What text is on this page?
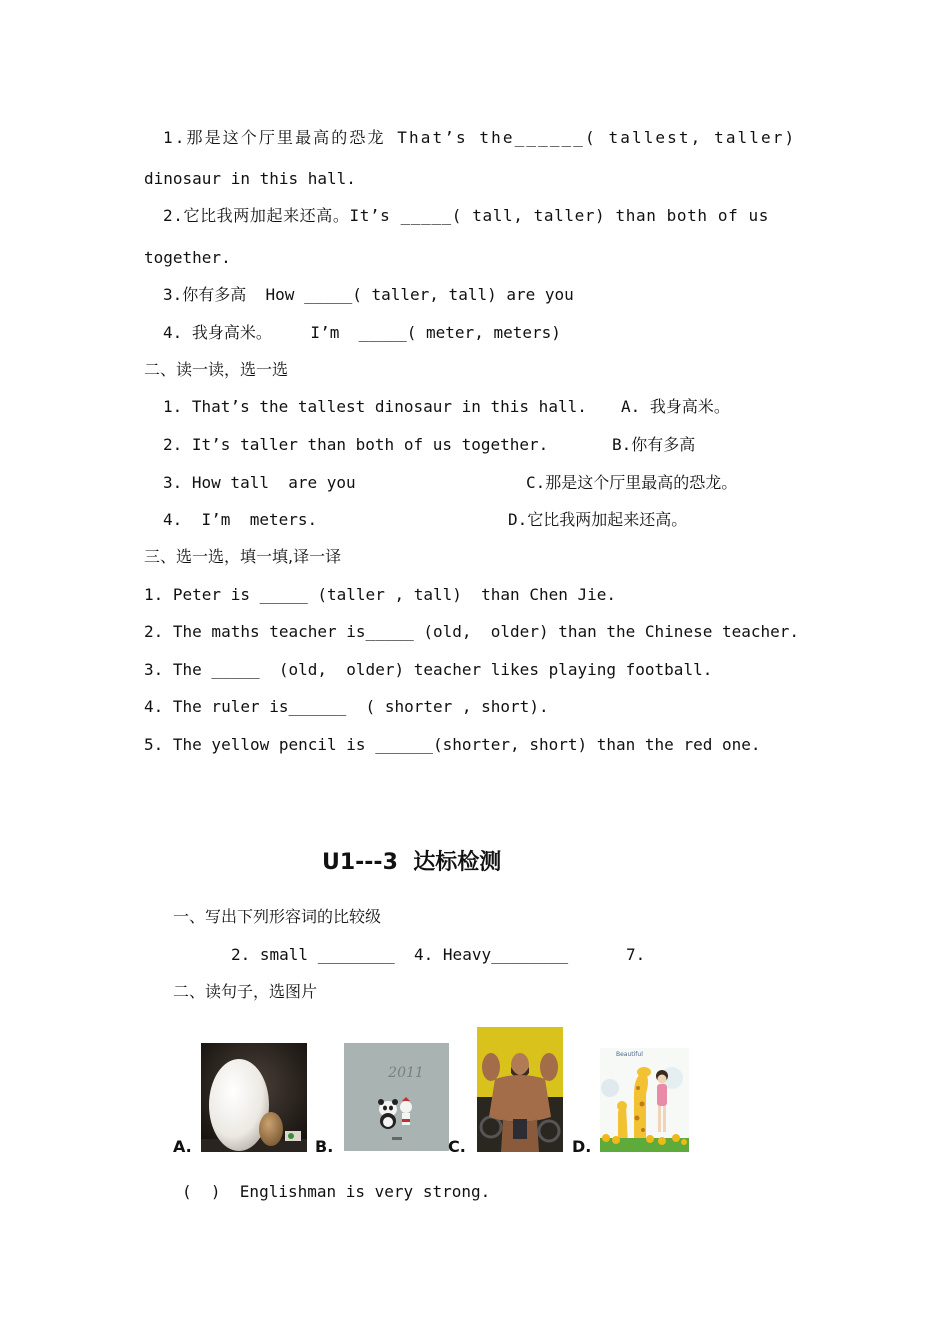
1.那是这个厅里最高的恐龙 That’s the______( tallest, taller)
dinosaur in this hall.
2.它比我两加起来还高。It’s _____( tall, taller) than both of us
together.
3.你有多高  How _____( taller, tall) are you
4. 我身高米。    I’m  _____( meter, meters)
二、读一读，选一选
1. That’s the tallest dinosaur in this hall.
2. It’s taller than both of us together.
3. How tall  are you
4.  I’m  meters.
A. 我身高米。
B.你有多高
C.那是这个厅里最高的恐龙。
D.它比我两加起来还高。
三、选一选，填一填,译一译
1. Peter is _____ (taller , tall)  than Chen Jie.
2. The maths teacher is_____ (old,  older) than the Chinese teacher.
3. The _____  (old,  older) teacher likes playing football.
4. The ruler is______  ( shorter , short).
5. The yellow pencil is ______(shorter, short) than the red one.
U1---3  达标检测
一、写出下列形容词的比较级
2. small ________  4. Heavy________      7.
二、读句子，选图片
A.	B.
2011
C.	D.
Beautiful
(  )  Englishman is very strong.
